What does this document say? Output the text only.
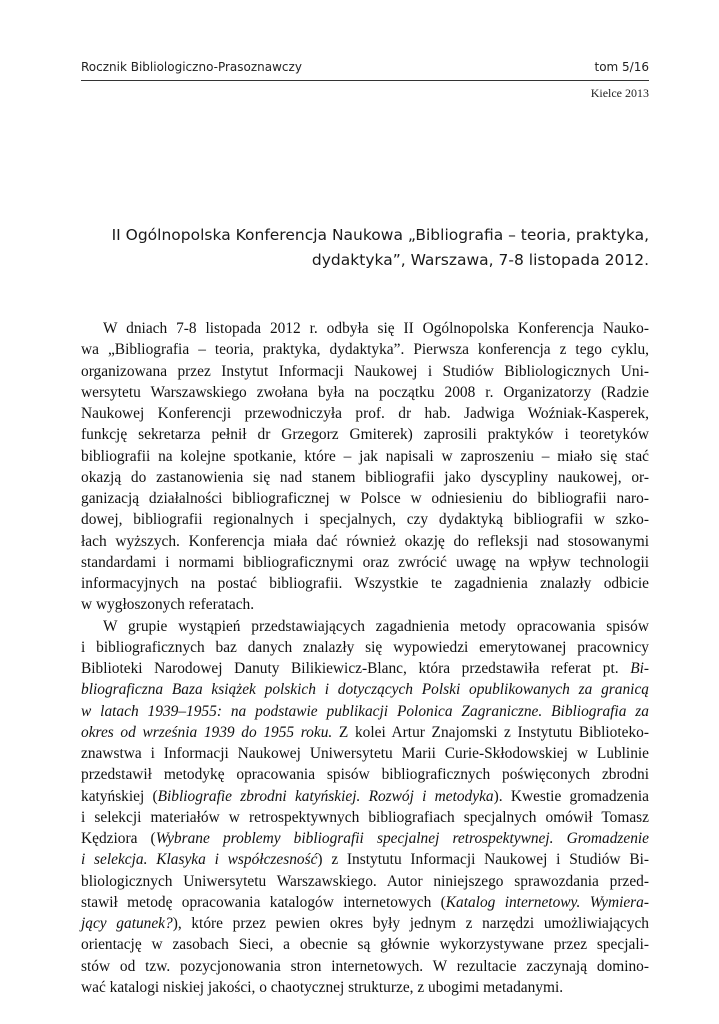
Rocznik Bibliologiczno-Prasoznawczy	tom 5/16
Kielce 2013
II Ogólnopolska Konferencja Naukowa „Bibliografia – teoria, praktyka,
dydaktyka”, Warszawa, 7-8 listopada 2012.
W dniach 7-8 listopada 2012 r. odbyła się II Ogólnopolska Konferencja Nauko-
wa „Bibliografia – teoria, praktyka, dydaktyka”. Pierwsza konferencja z tego cyklu,
organizowana przez Instytut Informacji Naukowej i Studiów Bibliologicznych Uni-
wersytetu Warszawskiego zwołana była na początku 2008 r. Organizatorzy (Radzie
Naukowej Konferencji przewodniczyła prof. dr hab. Jadwiga Woźniak-Kasperek,
funkcję sekretarza pełnił dr Grzegorz Gmiterek) zaprosili praktyków i teoretyków
bibliografii na kolejne spotkanie, które – jak napisali w zaproszeniu – miało się stać
okazją do zastanowienia się nad stanem bibliografii jako dyscypliny naukowej, or-
ganizacją działalności bibliograficznej w Polsce w odniesieniu do bibliografii naro-
dowej, bibliografii regionalnych i specjalnych, czy dydaktyką bibliografii w szko-
łach wyższych. Konferencja miała dać również okazję do refleksji nad stosowanymi
standardami i normami bibliograficznymi oraz zwrócić uwagę na wpływ technologii
informacyjnych na postać bibliografii. Wszystkie te zagadnienia znalazły odbicie
w wygłoszonych referatach.
W grupie wystąpień przedstawiających zagadnienia metody opracowania spisów
i bibliograficznych baz danych znalazły się wypowiedzi emerytowanej pracownicy
Biblioteki Narodowej Danuty Bilikiewicz-Blanc, która przedstawiła referat pt. Bi-
bliograficzna Baza książek polskich i dotyczących Polski opublikowanych za granicą
w latach 1939–1955: na podstawie publikacji Polonica Zagraniczne. Bibliografia za
okres od września 1939 do 1955 roku. Z kolei Artur Znajomski z Instytutu Biblioteko-
znawstwa i Informacji Naukowej Uniwersytetu Marii Curie-Skłodowskiej w Lublinie
przedstawił metodykę opracowania spisów bibliograficznych poświęconych zbrodni
katyńskiej (Bibliografie zbrodni katyńskiej. Rozwój i metodyka). Kwestie gromadzenia
i selekcji materiałów w retrospektywnych bibliografiach specjalnych omówił Tomasz
Kędziora (Wybrane problemy bibliografii specjalnej retrospektywnej. Gromadzenie
i selekcja. Klasyka i współczesność) z Instytutu Informacji Naukowej i Studiów Bi-
bliologicznych Uniwersytetu Warszawskiego. Autor niniejszego sprawozdania przed-
stawił metodę opracowania katalogów internetowych (Katalog internetowy. Wymiera-
jący gatunek?), które przez pewien okres były jednym z narzędzi umożliwiających
orientację w zasobach Sieci, a obecnie są głównie wykorzystywane przez specjali-
stów od tzw. pozycjonowania stron internetowych. W rezultacie zaczynają domino-
wać katalogi niskiej jakości, o chaotycznej strukturze, z ubogimi metadanymi.
